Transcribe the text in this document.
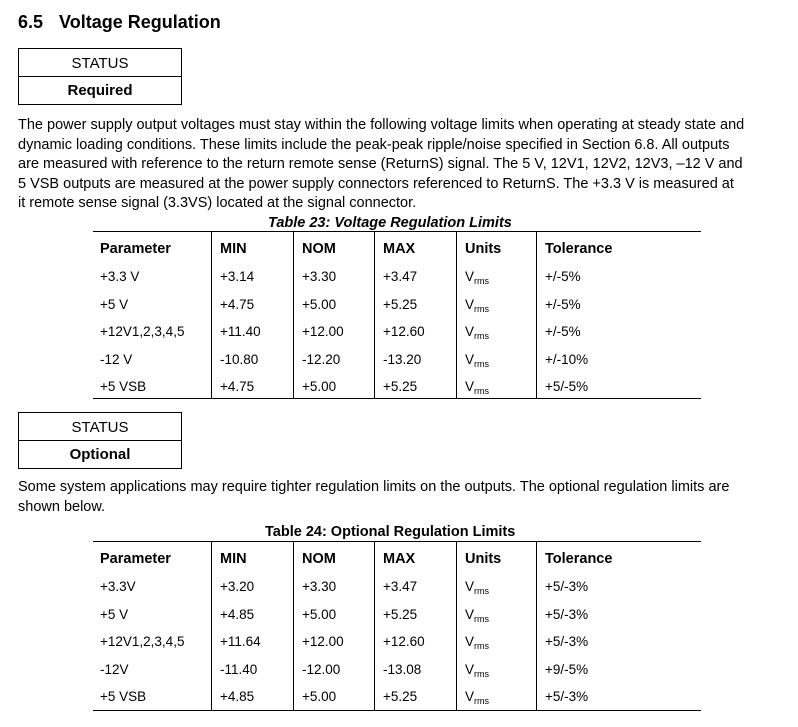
6.5 Voltage Regulation
STATUS
Required
The power supply output voltages must stay within the following voltage limits when operating at steady state and
dynamic loading conditions. These limits include the peak-peak ripple/noise specified in Section 6.8. All outputs
are measured with reference to the return remote sense (ReturnS) signal. The 5 V, 12V1, 12V2, 12V3, –12 V and
5 VSB outputs are measured at the power supply connectors referenced to ReturnS. The +3.3 V is measured at
it remote sense signal (3.3VS) located at the signal connector.
Table 23: Voltage Regulation Limits
Parameter	MIN	NOM	MAX	Units	Tolerance
+3.3 V	+3.14	+3.30	+3.47	$V_{rms}$	+/-5%
+5 V	+4.75	+5.00	+5.25	$V_{rms}$	+/-5%
+12V1,2,3,4,5	+11.40	+12.00	+12.60	$V_{rms}$	+/-5%
-12 V	-10.80	-12.20	-13.20	$V_{rms}$	+/-10%
+5 VSB	+4.75	+5.00	+5.25	$V_{rms}$	+5/-5%
STATUS
Optional
Some system applications may require tighter regulation limits on the outputs. The optional regulation limits are
shown below.
Table 24: Optional Regulation Limits
Parameter	MIN	NOM	MAX	Units	Tolerance
+3.3V	+3.20	+3.30	+3.47	$V_{rms}$	+5/-3%
+5 V	+4.85	+5.00	+5.25	$V_{rms}$	+5/-3%
+12V1,2,3,4,5	+11.64	+12.00	+12.60	$V_{rms}$	+5/-3%
-12V	-11.40	-12.00	-13.08	$V_{rms}$	+9/-5%
+5 VSB	+4.85	+5.00	+5.25	$V_{rms}$	+5/-3%
